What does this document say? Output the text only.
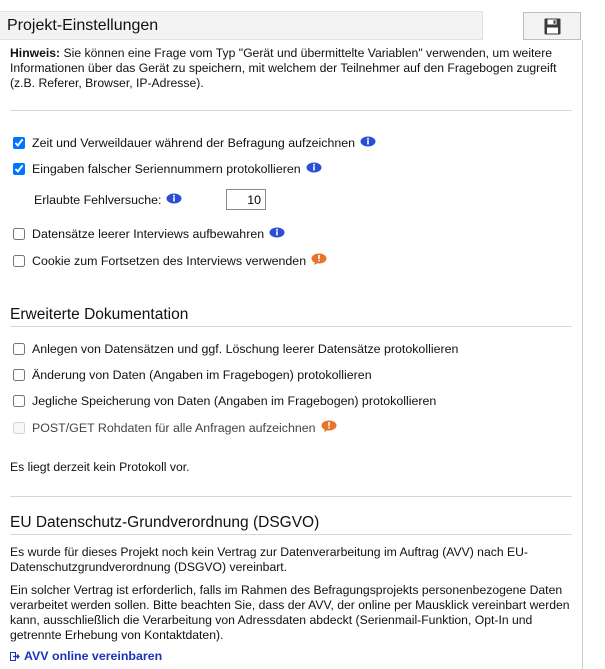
Projekt-Einstellungen
Hinweis: Sie können eine Frage vom Typ "Gerät und übermittelte Variablen" verwenden, um weitere Informationen über das Gerät zu speichern, mit welchem der Teilnehmer auf den Fragebogen zugreift (z.B. Referer, Browser, IP-Adresse).
Zeit und Verweildauer während der Befragung aufzeichnen
Eingaben falscher Seriennummern protokollieren
Erlaubte Fehlversuche:
10
Datensätze leerer Interviews aufbewahren
Cookie zum Fortsetzen des Interviews verwenden
Erweiterte Dokumentation
Anlegen von Datensätzen und ggf. Löschung leerer Datensätze protokollieren
Änderung von Daten (Angaben im Fragebogen) protokollieren
Jegliche Speicherung von Daten (Angaben im Fragebogen) protokollieren
POST/GET Rohdaten für alle Anfragen aufzeichnen
Es liegt derzeit kein Protokoll vor.
EU Datenschutz-Grundverordnung (DSGVO)
Es wurde für dieses Projekt noch kein Vertrag zur Datenverarbeitung im Auftrag (AVV) nach EU-Datenschutzgrundverordnung (DSGVO) vereinbart.
Ein solcher Vertrag ist erforderlich, falls im Rahmen des Befragungsprojekts personenbezogene Daten verarbeitet werden sollen. Bitte beachten Sie, dass der AVV, der online per Mausklick vereinbart werden kann, ausschließlich die Verarbeitung von Adressdaten abdeckt (Serienmail-Funktion, Opt-In und getrennte Erhebung von Kontaktdaten).
AVV online vereinbaren
